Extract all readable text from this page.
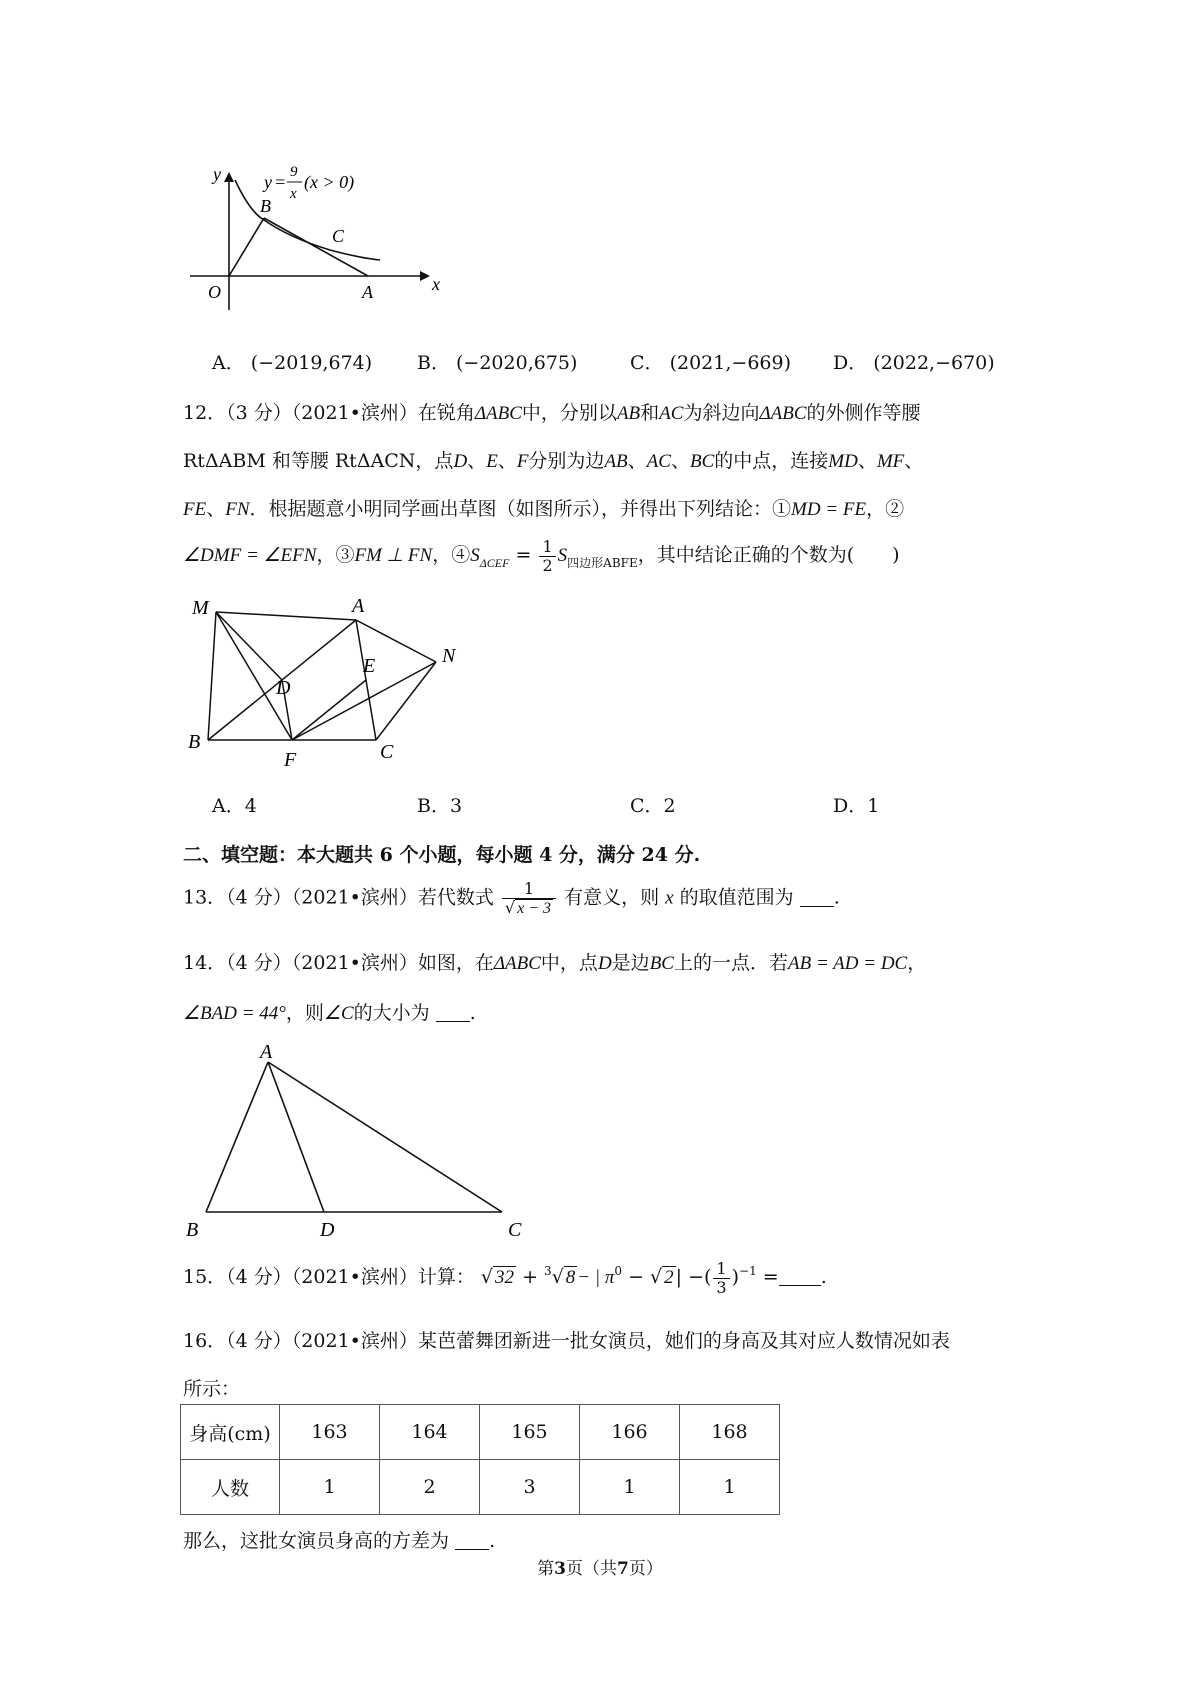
y = 9
x
(x > 0)
y
x
O
B
C
A
A． (−2019,674) B． (−2020,675)	C． (2021,−669) D． (2022,−670)
12．（3 分）（2021•滨州）在锐角ΔABC中，分别以AB和AC为斜边向ΔABC的外侧作等腰
RtΔABM 和等腰 RtΔACN，点D、E、F分别为边AB、AC、BC的中点，连接MD、MF、
FE、FN．根据题意小明同学画出草图（如图所示），并得出下列结论：①MD = FE，②
∠DMF = ∠EFN，③FM ⊥ FN，$④S_{\Delta CEF} = \frac{1}{2} S_{四边形ABFE}$，其中结论正确的个数为(　　)
M	A
N
D
E
B
F	C
A．4	B．3	C．2	D．1
二、填空题：本大题共 6 个小题，每小题 4 分，满分 24 分.
13．（4 分）（2021•滨州）若代数式 $\frac{1}{√ x - 3}$ 有意义，则 x 的取值范围为 .
14．（4 分）（2021•滨州）如图，在ΔABC中，点D是边BC上的一点．若AB = AD = DC，
∠BAD = 44°，则∠C的大小为 .
A
B	D	C
15．（4 分）（2021•滨州）计算： √ 32 + $^3$√ 8 − | $\pi^0$ − √ 2 | −( $\frac{1}{3} )^{-1}$ = .
16．（4 分）（2021•滨州）某芭蕾舞团新进一批女演员，她们的身高及其对应人数情况如表
所示：
身高(cm)	163	164	165	166	168
人数	1	2	3	1	1
那么，这批女演员身高的方差为 .
第3页（共7页）
